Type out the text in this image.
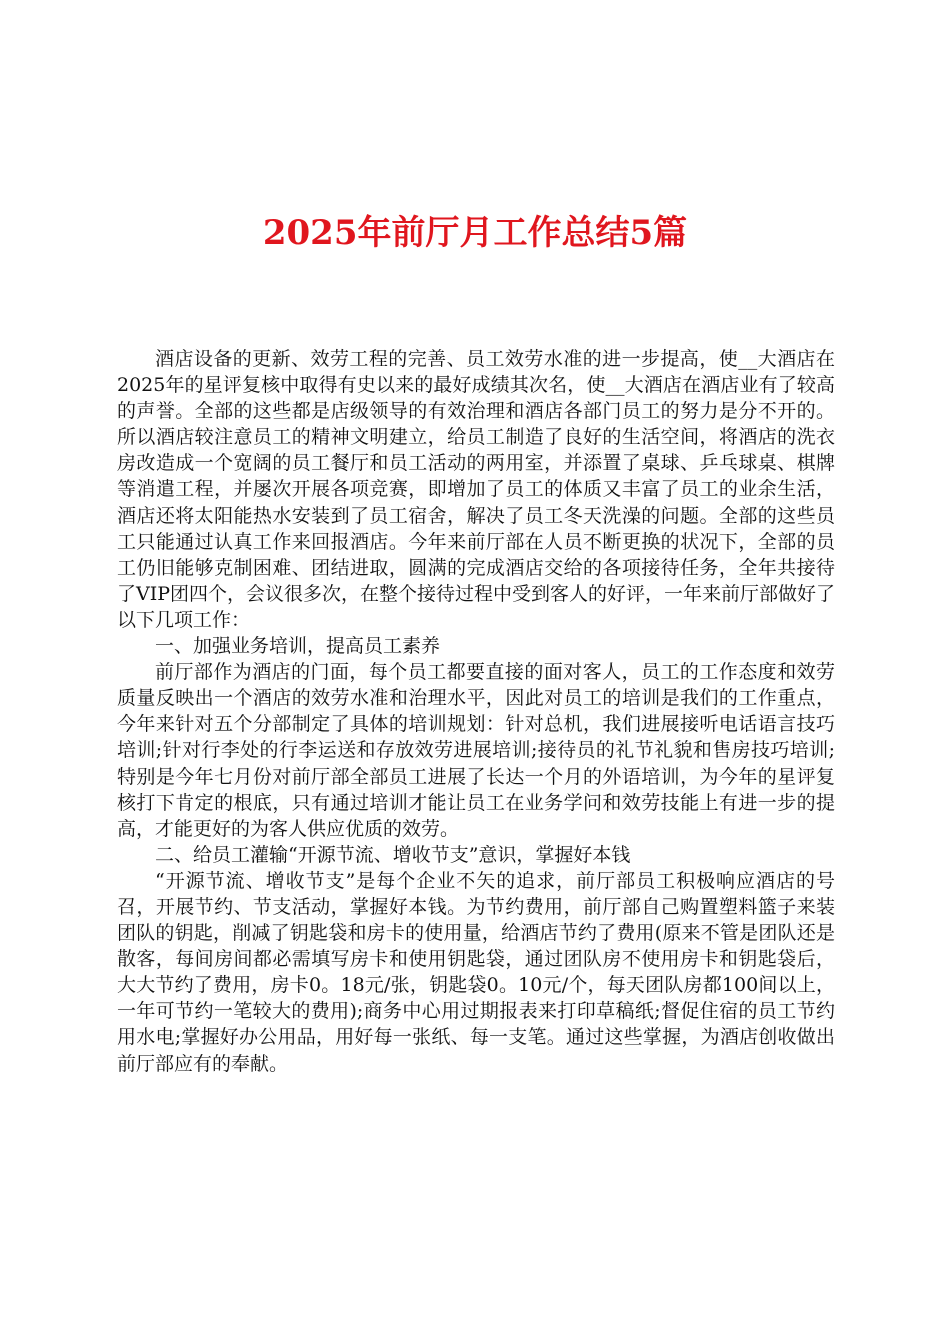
2025年前厅月工作总结5篇

酒店设备的更新、效劳工程的完善、员工效劳水准的进一步提高，使__大酒店在2025年的星评复核中取得有史以来的最好成绩其次名，使__大酒店在酒店业有了较高的声誉。全部的这些都是店级领导的有效治理和酒店各部门员工的努力是分不开的。所以酒店较注意员工的精神文明建立，给员工制造了良好的生活空间，将酒店的洗衣房改造成一个宽阔的员工餐厅和员工活动的两用室，并添置了桌球、乒乓球桌、棋牌等消遣工程，并屡次开展各项竞赛，即增加了员工的体质又丰富了员工的业余生活，酒店还将太阳能热水安装到了员工宿舍，解决了员工冬天洗澡的问题。全部的这些员工只能通过认真工作来回报酒店。今年来前厅部在人员不断更换的状况下，全部的员工仍旧能够克制困难、团结进取，圆满的完成酒店交给的各项接待任务，全年共接待了VIP团四个，会议很多次，在整个接待过程中受到客人的好评，一年来前厅部做好了以下几项工作：

一、加强业务培训，提高员工素养

前厅部作为酒店的门面，每个员工都要直接的面对客人，员工的工作态度和效劳质量反映出一个酒店的效劳水准和治理水平，因此对员工的培训是我们的工作重点，今年来针对五个分部制定了具体的培训规划：针对总机，我们进展接听电话语言技巧培训;针对行李处的行李运送和存放效劳进展培训;接待员的礼节礼貌和售房技巧培训;特别是今年七月份对前厅部全部员工进展了长达一个月的外语培训，为今年的星评复核打下肯定的根底，只有通过培训才能让员工在业务学问和效劳技能上有进一步的提高，才能更好的为客人供应优质的效劳。

二、给员工灌输“开源节流、增收节支”意识，掌握好本钱

“开源节流、增收节支”是每个企业不矢的追求，前厅部员工积极响应酒店的号召，开展节约、节支活动，掌握好本钱。为节约费用，前厅部自己购置塑料篮子来装团队的钥匙，削减了钥匙袋和房卡的使用量，给酒店节约了费用(原来不管是团队还是散客，每间房间都必需填写房卡和使用钥匙袋，通过团队房不使用房卡和钥匙袋后，大大节约了费用，房卡0。18元/张，钥匙袋0。10元/个，每天团队房都100间以上，一年可节约一笔较大的费用);商务中心用过期报表来打印草稿纸;督促住宿的员工节约用水电;掌握好办公用品，用好每一张纸、每一支笔。通过这些掌握，为酒店创收做出前厅部应有的奉献。
